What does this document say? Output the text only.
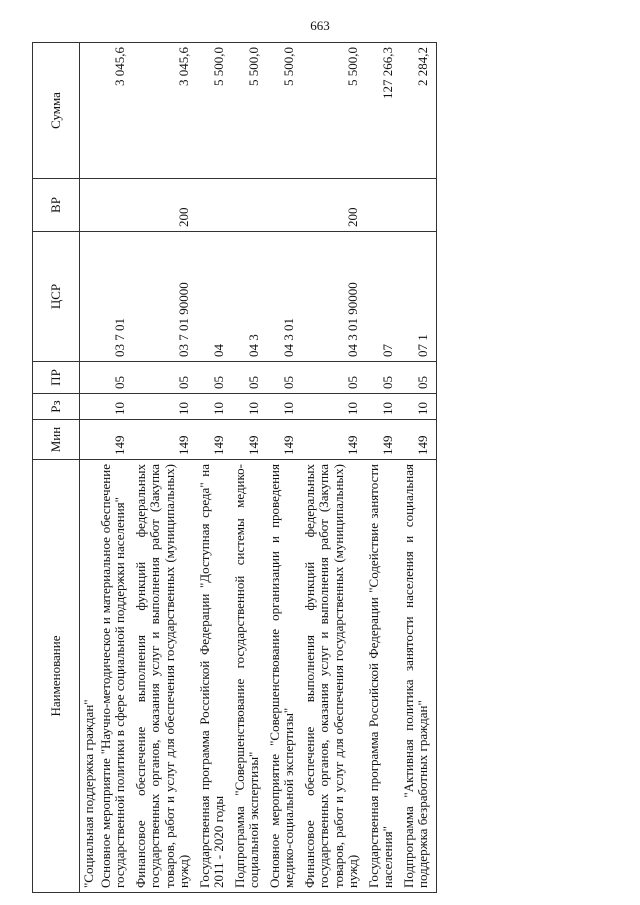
663
Наименование	Мин	Рз	ПР	ЦСР	ВР	Сумма
"Социальная поддержка граждан"						
Основное мероприятие "Научно-методическое и материальное обеспечение государственной политики в сфере социальной поддержки населения"	149	10	05	03 7 01		3 045,6
Финансовое обеспечение выполнения функций федеральных государственных органов, оказания услуг и выполнения работ (Закупка товаров, работ и услуг для обеспечения государственных (муниципальных) нужд)	149	10	05	03 7 01 90000	200	3 045,6
Государственная программа Российской Федерации "Доступная среда" на 2011 - 2020 годы	149	10	05	04		5 500,0
Подпрограмма "Совершенствование государственной системы медико-социальной экспертизы"	149	10	05	04 3		5 500,0
Основное мероприятие "Совершенствование организации и проведения медико-социальной экспертизы"	149	10	05	04 3 01		5 500,0
Финансовое обеспечение выполнения функций федеральных государственных органов, оказания услуг и выполнения работ (Закупка товаров, работ и услуг для обеспечения государственных (муниципальных) нужд)	149	10	05	04 3 01 90000	200	5 500,0
Государственная программа Российской Федерации "Содействие занятости населения"	149	10	05	07		127 266,3
Подпрограмма "Активная политика занятости населения и социальная поддержка безработных граждан"	149	10	05	07 1		2 284,2
